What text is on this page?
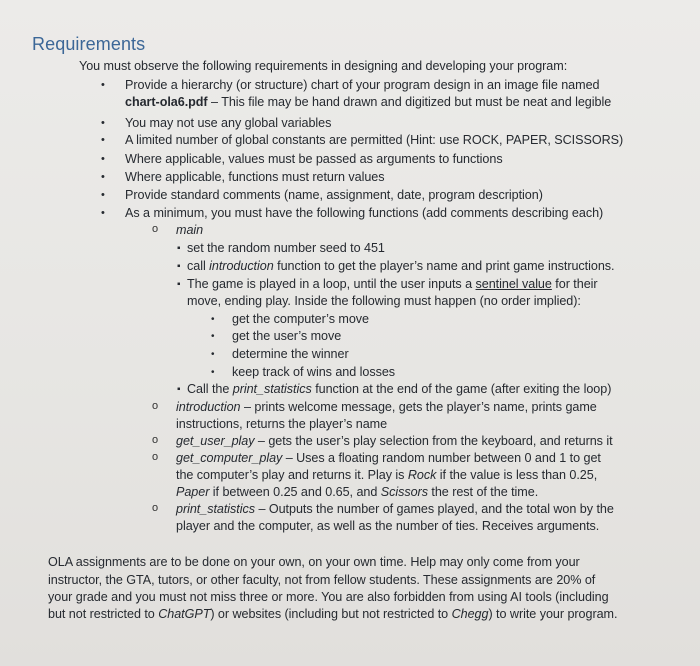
Requirements
You must observe the following requirements in designing and developing your program:
• Provide a hierarchy (or structure) chart of your program design in an image file named
chart-ola6.pdf – This file may be hand drawn and digitized but must be neat and legible
• You may not use any global variables
• A limited number of global constants are permitted (Hint: use ROCK, PAPER, SCISSORS)
• Where applicable, values must be passed as arguments to functions
• Where applicable, functions must return values
• Provide standard comments (name, assignment, date, program description)
• As a minimum, you must have the following functions (add comments describing each)
o main
▪ set the random number seed to 451
▪ call introduction function to get the player’s name and print game instructions.
▪ The game is played in a loop, until the user inputs a sentinel value for their
move, ending play. Inside the following must happen (no order implied):
• get the computer’s move
• get the user’s move
• determine the winner
• keep track of wins and losses
▪ Call the print_statistics function at the end of the game (after exiting the loop)
o introduction – prints welcome message, gets the player’s name, prints game
instructions, returns the player’s name
o get_user_play – gets the user’s play selection from the keyboard, and returns it
o get_computer_play – Uses a floating random number between 0 and 1 to get
the computer’s play and returns it. Play is Rock if the value is less than 0.25,
Paper if between 0.25 and 0.65, and Scissors the rest of the time.
o print_statistics – Outputs the number of games played, and the total won by the
player and the computer, as well as the number of ties. Receives arguments.
OLA assignments are to be done on your own, on your own time. Help may only come from your
instructor, the GTA, tutors, or other faculty, not from fellow students. These assignments are 20% of
your grade and you must not miss three or more. You are also forbidden from using AI tools (including
but not restricted to ChatGPT) or websites (including but not restricted to Chegg) to write your program.
